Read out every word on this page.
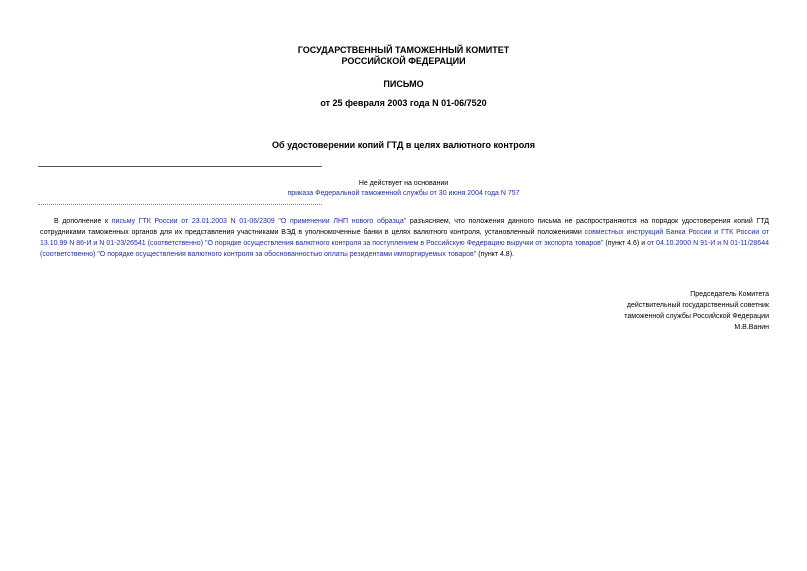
ГОСУДАРСТВЕННЫЙ ТАМОЖЕННЫЙ КОМИТЕТ
РОССИЙСКОЙ ФЕДЕРАЦИИ
ПИСЬМО
от 25 февраля 2003 года N 01-06/7520
Об удостоверении копий ГТД в целях валютного контроля
Не действует на основании
приказа Федеральной таможенной службы от 30 июня 2004 года N 757
В дополнение к письму ГТК России от 23.01.2003 N 01-06/2309 "О применении ЛНП нового образца" разъясняем, что положения данного письма не распространяются на порядок удостоверения копий ГТД сотрудниками таможенных органов для их представления участниками ВЭД в уполномоченные банки в целях валютного контроля, установленный положениями совместных инструкций Банка России и ГТК России от 13.10.99 N 86-И и N 01-23/26541 (соответственно) "О порядке осуществления валютного контроля за поступлением в Российскую Федерацию выручки от экспорта товаров" (пункт 4.6) и от 04.10.2000 N 91-И и N 01-11/28644 (соответственно) "О порядке осуществления валютного контроля за обоснованностью оплаты резидентами импортируемых товаров" (пункт 4.8).
Председатель Комитета
действительный государственный советник
таможенной службы Российской Федерации
М.В.Ванин
